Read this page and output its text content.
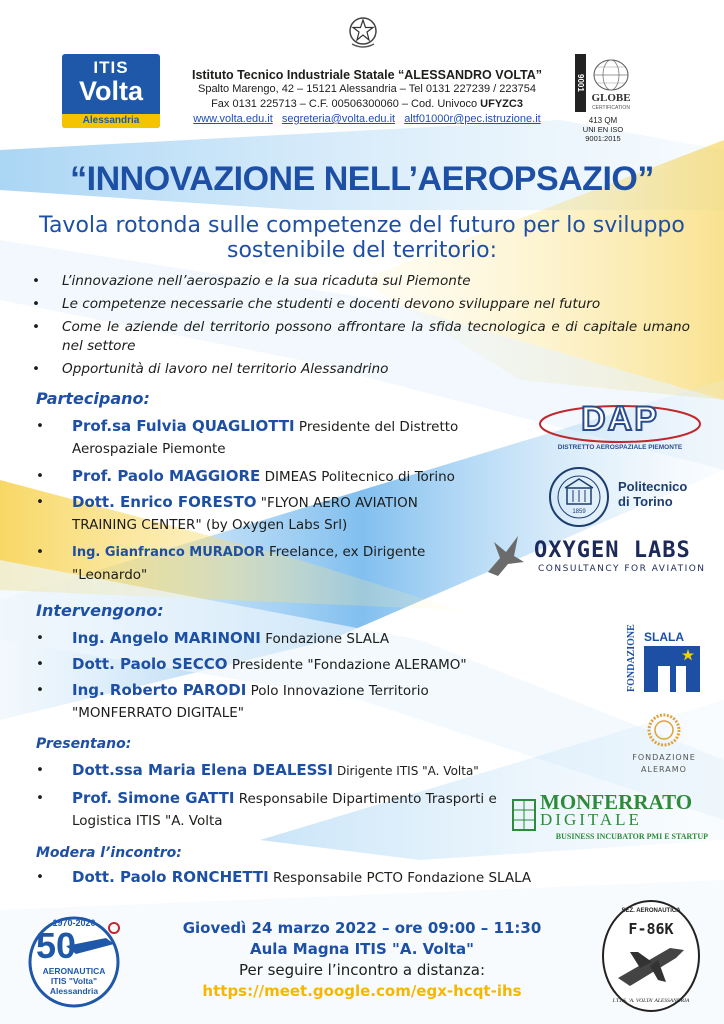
ITIS
Volta
Alessandria
Istituto Tecnico Industriale Statale “ALESSANDRO VOLTA”
Spalto Marengo, 42 – 15121 Alessandria – Tel 0131 227239 / 223754
Fax 0131 225713 – C.F. 00506300060 – Cod. Univoco UFYZC3
www.volta.edu.it segreteria@volta.edu.it altf01000r@pec.istruzione.it
9001
GLOBE
CERTIFICATION
413 QM
UNI EN ISO 9001:2015
“INNOVAZIONE NELL’AEROPSAZIO”
Tavola rotonda sulle competenze del futuro per lo sviluppo sostenibile del territorio:
• L’innovazione nell’aerospazio e la sua ricaduta sul Piemonte
• Le competenze necessarie che studenti e docenti devono sviluppare nel futuro
• Come le aziende del territorio possono affrontare la sfida tecnologica e di capitale umano nel settore
• Opportunità di lavoro nel territorio Alessandrino
Partecipano:
•	Prof.sa Fulvia QUAGLIOTTI Presidente del Distretto Aerospaziale Piemonte
•	Prof. Paolo MAGGIORE DIMEAS Politecnico di Torino
•	Dott. Enrico FORESTO "FLYON AERO AVIATION TRAINING CENTER" (by Oxygen Labs Srl)
•	Ing. Gianfranco MURADOR Freelance, ex Dirigente "Leonardo"
Intervengono:
•	Ing. Angelo MARINONI Fondazione SLALA
•	Dott. Paolo SECCO Presidente "Fondazione ALERAMO"
•	Ing. Roberto PARODI Polo Innovazione Territorio "MONFERRATO DIGITALE"
Presentano:
•	Dott.ssa Maria Elena DEALESSI Dirigente ITIS "A. Volta"
•	Prof. Simone GATTI Responsabile Dipartimento Trasporti e Logistica ITIS "A. Volta
Modera l’incontro:
•	Dott. Paolo RONCHETTI Responsabile PCTO Fondazione SLALA
DAP
DISTRETTO AEROSPAZIALE PIEMONTE
1859
Politecnico
di Torino
OXYGEN LABS
CONSULTANCY FOR AVIATION
FONDAZIONE SLALA
FONDAZIONE
ALERAMO
MONFERRATO
DIGITALE
BUSINESS INCUBATOR PMI E STARTUP
1970-2020
50
AERONAUTICA
ITIS "Volta"
Alessandria
SEZ. AERONAUTICA
F-86K
I.T.I.S. 'A. VOLTA' ALESSANDRIA
Giovedì 24 marzo 2022 – ore 09:00 – 11:30
Aula Magna ITIS "A. Volta"
Per seguire l’incontro a distanza:
https://meet.google.com/egx-hcqt-ihs
